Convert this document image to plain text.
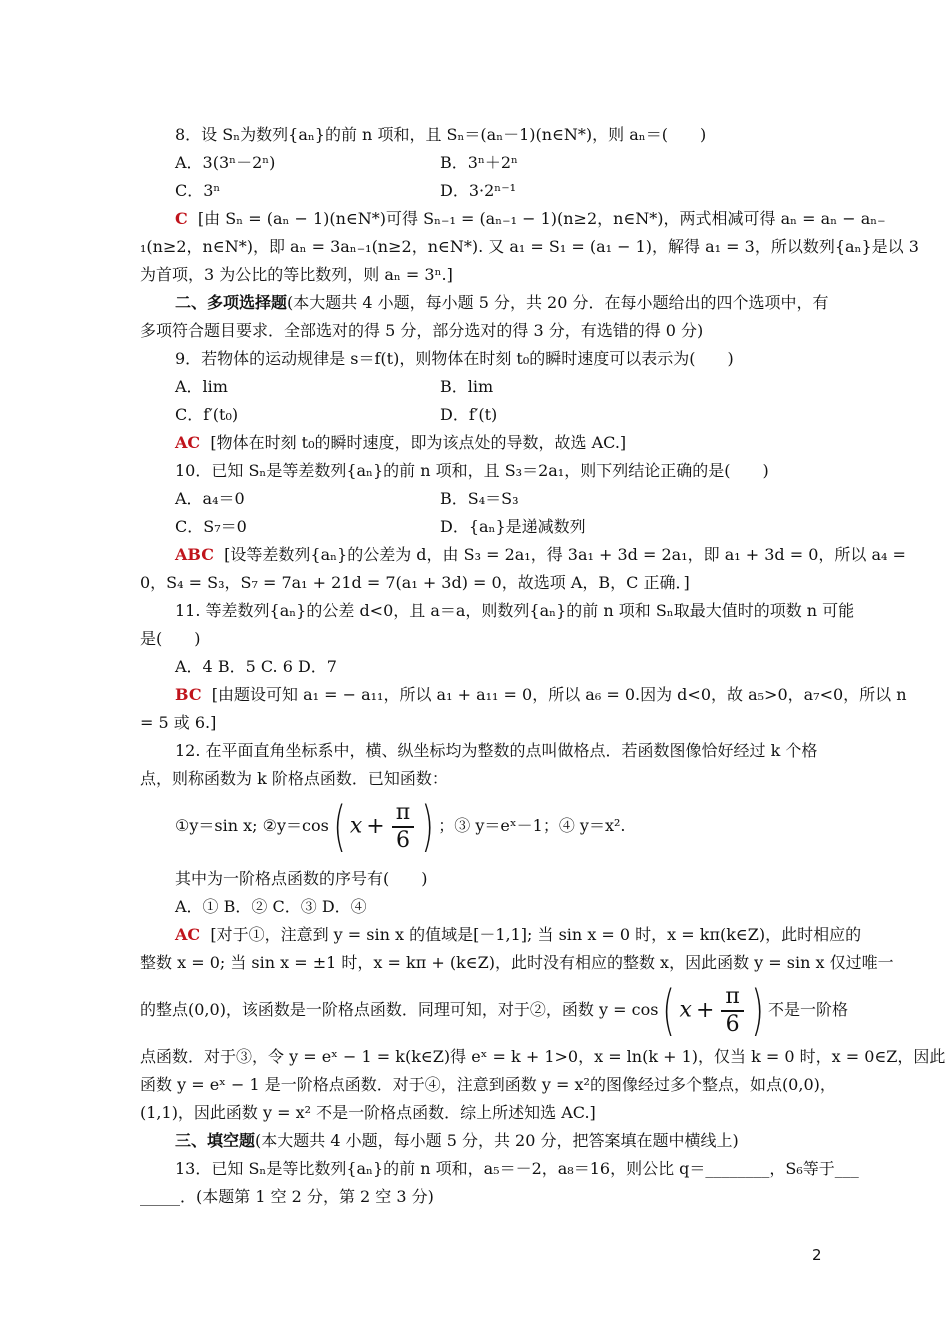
8．设 Sₙ为数列{aₙ}的前 n 项和，且 Sₙ＝(aₙ－1)(n∈N*)，则 aₙ＝(　　)
A．3(3ⁿ－2ⁿ)	B．3ⁿ＋2ⁿ
C．3ⁿ	D．3·2ⁿ⁻¹
C [由 Sₙ = (aₙ − 1)(n∈N*)可得 Sₙ₋₁ = (aₙ₋₁ − 1)(n≥2，n∈N*)，两式相减可得 aₙ = aₙ − aₙ₋
₁(n≥2，n∈N*)，即 aₙ = 3aₙ₋₁(n≥2，n∈N*). 又 a₁ = S₁ = (a₁ − 1)，解得 a₁ = 3，所以数列{aₙ}是以 3
为首项，3 为公比的等比数列，则 aₙ = 3ⁿ.]
二、多项选择题(本大题共 4 小题，每小题 5 分，共 20 分．在每小题给出的四个选项中，有
多项符合题目要求．全部选对的得 5 分，部分选对的得 3 分，有选错的得 0 分)
9．若物体的运动规律是 s＝f(t)，则物体在时刻 t₀的瞬时速度可以表示为(　　)
A．lim	B．lim
C．f′(t₀)	D．f′(t)
AC [物体在时刻 t₀的瞬时速度，即为该点处的导数，故选 AC.]
10．已知 Sₙ是等差数列{aₙ}的前 n 项和，且 S₃＝2a₁，则下列结论正确的是(　　)
A．a₄＝0	B．S₄＝S₃
C．S₇＝0	D．{aₙ}是递减数列
ABC [设等差数列{aₙ}的公差为 d，由 S₃ = 2a₁，得 3a₁ + 3d = 2a₁，即 a₁ + 3d = 0，所以 a₄ =
0，S₄ = S₃，S₇ = 7a₁ + 21d = 7(a₁ + 3d) = 0，故选项 A，B，C 正确．]
11. 等差数列{aₙ}的公差 d<0，且 a＝a，则数列{aₙ}的前 n 项和 Sₙ取最大值时的项数 n 可能
是(　　)
A．4 B．5 C. 6 D．7
BC [由题设可知 a₁ = − a₁₁，所以 a₁ + a₁₁ = 0，所以 a₆ = 0.因为 d<0，故 a₅>0，a₇<0，所以 n
= 5 或 6.]
12. 在平面直角坐标系中，横、纵坐标均为整数的点叫做格点．若函数图像恰好经过 k 个格
点，则称函数为 k 阶格点函数．已知函数：
①y＝sin x; ②y＝cos( $x + \frac{\pi}{6}$ ) ；③ y＝eˣ－1；④ y＝x².
其中为一阶格点函数的序号有(　　)
A．① B．② C．③ D．④
AC [对于①，注意到 y = sin x 的值域是[－1,1]; 当 sin x = 0 时，x = kπ(k∈Z)，此时相应的
整数 x = 0; 当 sin x = ±1 时，x = kπ + (k∈Z)，此时没有相应的整数 x，因此函数 y = sin x 仅过唯一
的整点(0,0)，该函数是一阶格点函数．同理可知，对于②，函数 y = cos( $x + \frac{\pi}{6}$ ) 不是一阶格
点函数．对于③，令 y = eˣ − 1 = k(k∈Z)得 eˣ = k + 1>0，x = ln(k + 1)，仅当 k = 0 时，x = 0∈Z，因此
函数 y = eˣ − 1 是一阶格点函数．对于④，注意到函数 y = x²的图像经过多个整点，如点(0,0)，
(1,1)，因此函数 y = x² 不是一阶格点函数．综上所述知选 AC.]
三、填空题(本大题共 4 小题，每小题 5 分，共 20 分，把答案填在题中横线上)
13．已知 Sₙ是等比数列{aₙ}的前 n 项和，a₅＝－2，a₈＝16，则公比 q＝________，S₆等于___
_____．(本题第 1 空 2 分，第 2 空 3 分)
2
